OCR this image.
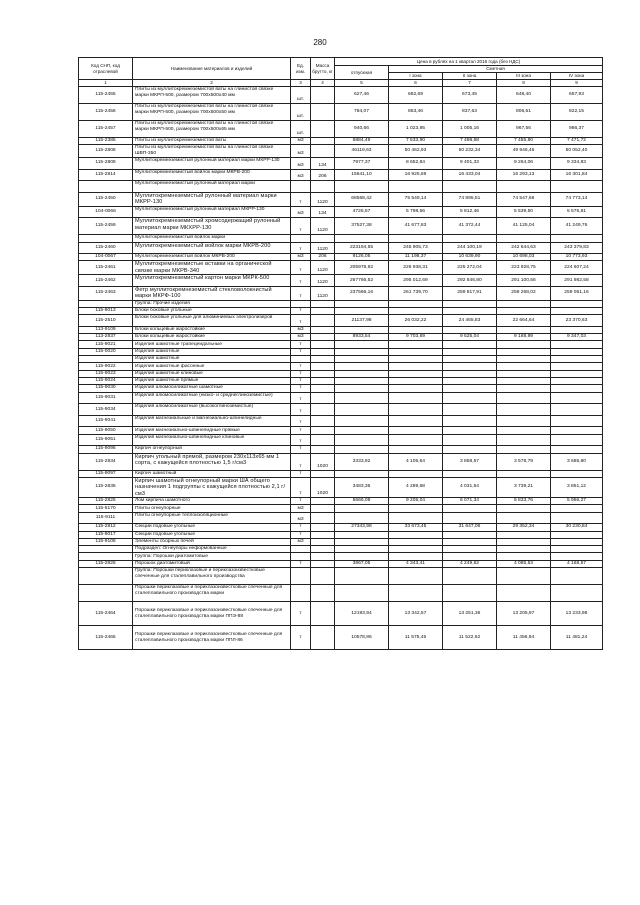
280
Код СНП, код отраслевой	Наименование материалов и изделий	Ед. изм.	Масса брутто, кг	Цена в рублях на 1 квартал 2016 года (без НДС)				
				отпускная	Сметная			
					I зона	II зона	III зона	IV зона
1	2	3	4	5	6	7	8	9
115-2455	Плиты из муллитокремнеземистой ваты на глинистой связке марки МКРП-500, размером 700х500х40 мм	шт.		627,46	682,69	673,45	648,40	657,93
115-2456	Плиты из муллитокремнеземистой ваты на глинистой связке марки МКРП-500, размером 700х500х50 мм	шт.		784,07	853,46	837,63	806,51	822,15
115-2457	Плиты из муллитокремнеземистой ваты на глинистой связке марки МКРП-500, размером 700х500х65 мм	шт.		940,66	1 023,95	1 005,16	967,56	986,37
115-2385	Плиты из муллитокремнеземистой ваты	м3		6884,49	7 533,90	7 498,58	7 455,80	7 471,72
115-2808	Плиты из муллитокремнеземистой ваты на глинистой связке ШВП-350	м3		46119,63	50 462,93	50 232,34	49 946,46	50 052,40
115-2809	Муллитокремнеземистый рулонный материал марки МКРР-130	м3	134	7977,37	8 652,84	9 401,33	9 264,06	9 334,83
115-2814	Муллитокремнеземистый войлок марки МКРВ-200	м3	206	15641,10	16 925,69	16 433,04	16 293,13	16 301,84
	Муллитокремнеземистый рулонный материал марки							
115-2450	Муллитокремнеземистый рулонный материал марки МКРР-130	т	1120	68568,42	75 549,14	74 895,51	74 547,66	74 773,14
104-0066	Муллитокремнеземистый рулонный материал МКРР-130	м3	134	4726,57	5 798,56	5 812,46	5 539,50	5 576,81
115-2459	Муллитокремнеземистый хромсодержащий рулонный материал марки МКХРР-130	т	1120	37527,38	41 677,83	41 372,44	41 125,04	41 249,76
	Муллитокремнеземистый войлок марки							
115-2460	Муллитокремнеземистый войлок марки МКРВ-200	т	1120	223194,55	245 905,73	244 100,19	242 644,63	243 379,83
104-0067	Муллитокремнеземистый войлок МКРВ-200	м3	206	9126,05	11 198,37	10 639,90	10 698,03	10 773,93
115-2461	Муллитокремнеземистые вставки на органической связке марки МКРВ-340	т	1120	205978,92	226 938,31	225 272,04	223 928,75	224 607,24
115-2462	Муллитокремнеземистый картон марки МКРК-500	т	1120	267766,52	295 012,69	292 846,80	291 100,56	291 982,58
115-2463	Фетр муллитокремнеземистый стекловолокнистый марки МКРФ-100	т	1120	237566,16	261 739,70	259 817,91	258 268,02	259 051,16
	Группа: Прочие изделия							
115-9013	Блоки боковые угольные	т						
115-2510	Блоки боковые угольные для алюминиевых электролизеров	т		21137,98	26 032,22	24 465,83	22 664,64	23 370,63
113-9109	Блоки кольцевые жаростойкие	м3						
113-2837	Блоки кольцевые жаростойкие	м3		8933,54	9 703,69	9 525,04	9 168,99	9 347,03
115-9021	Изделия шамотные трапецеидальные	т						
115-0020	Изделия шамотные	т						
	Изделия шамотные							
115-9022	Изделия шамотные фасонные	т						
115-9023	Изделия шамотные клиновые	т						
115-9024	Изделия шамотные прямые	т						
115-9030	Изделия алюмосиликатные шамотные	т						
115-9031	Изделия алюмосиликатные (низко- и среднеглиноземистые)	т						
115-9034	Изделия алюмосиликатные (высокоглиноземистые)	т						
115-9041	Изделия магнезиальные и магнезиально-шпинелидные	т						
115-9050	Изделия магнезиально-шпинелидные прямые	т						
115-9051	Изделия магнезиально-шпинелидные клиновые	т						
115-9096	Кирпич огнеупорный	т						
115-2834	Кирпич угольный прямой, размером 230х113х65 мм 1 сорта, с кажущейся плотностью 1,5 г/см3	т	1020	3333,92	4 105,64	3 858,57	3 578,79	3 685,80
115-9097	Кирпич шамотный	т						
115-2835	Кирпич шамотный огнеупорный марки ША общего назначения 1 подгруппы с кажущейся плотностью 2,1 г/см3	т	1020	3483,36	4 289,68	4 031,54	3 739,21	3 851,12
115-2825	Лом кирпича шамотного	т		5666,08	9 205,04	6 071,34	5 833,76	5 956,27
115-5170	Плиты огнеупорные	м3						
115-9111	Плиты огнеупорные теплоизоляционные	м3						
115-2812	Секции подовые угольные	т		27343,98	33 673,45	31 647,06	29 352,34	30 230,84
115-9017	Секции подовые угольные	т						
115-9108	Элементы сборных печей	м3						
	Подраздел: Огнеупоры неформованные							
	Группа: Порошки диатомитовые							
115-2826	Порошок диатомитовый	т		3867,05	4 343,41	4 249,62	4 085,53	4 168,57
	Группа: Порошки периклазовые и периклазоизвестковые спеченные для сталеплавильного производства							
	Порошки периклазовые и периклазоизвестковые спеченные для сталеплавильного производства марки							
115-2464	Порошки периклазовые и периклазоизвестковые спеченные для сталеплавильного производства марки ППЭ-88	т		12193,94	13 342,57	13 251,36	13 205,97	13 233,98
115-2465	Порошки периклазовые и периклазоизвестковые спеченные для сталеплавильного производства марки ППЛ-86	т		10578,86	11 575,45	11 522,62	11 456,94	11 481,24
